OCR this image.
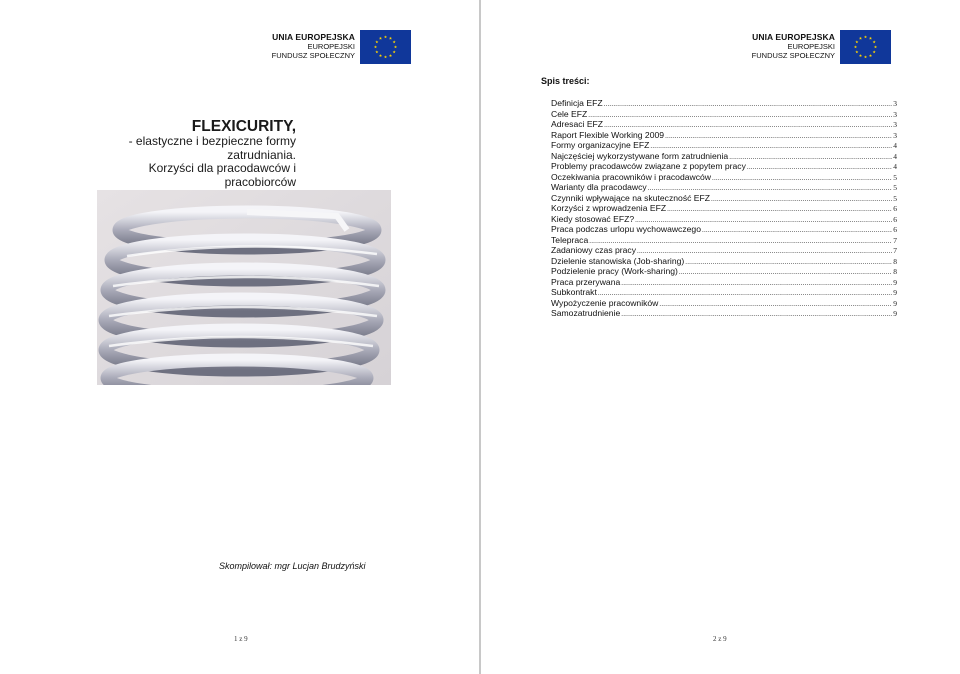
UNIA EUROPEJSKA
EUROPEJSKI
FUNDUSZ SPOŁECZNY
FLEXICURITY,
- elastyczne i bezpieczne formy zatrudniania.
Korzyści dla pracodawców i pracobiorców
Skompilował: mgr Lucjan Brudzyński
1 z 9
UNIA EUROPEJSKA
EUROPEJSKI
FUNDUSZ SPOŁECZNY
Spis treści:
Definicja EFZ .....	3
Cele EFZ .....	3
Adresaci EFZ .....	3
Raport Flexible Working 2009 .....	3
Formy organizacyjne EFZ .....	4
Najczęściej wykorzystywane form zatrudnienia .....	4
Problemy pracodawców związane z popytem pracy .....	4
Oczekiwania pracowników i pracodawców .....	5
Warianty dla pracodawcy .....	5
Czynniki wpływające na skuteczność EFZ .....	5
Korzyści z wprowadzenia EFZ .....	6
Kiedy stosować EFZ? .....	6
Praca podczas urlopu wychowawczego .....	6
Telepraca .....	7
Zadaniowy czas pracy .....	7
Dzielenie stanowiska (Job-sharing) .....	8
Podzielenie pracy (Work-sharing) .....	8
Praca przerywana .....	9
Subkontrakt .....	9
Wypożyczenie pracowników .....	9
Samozatrudnienie .....	9
2 z 9
